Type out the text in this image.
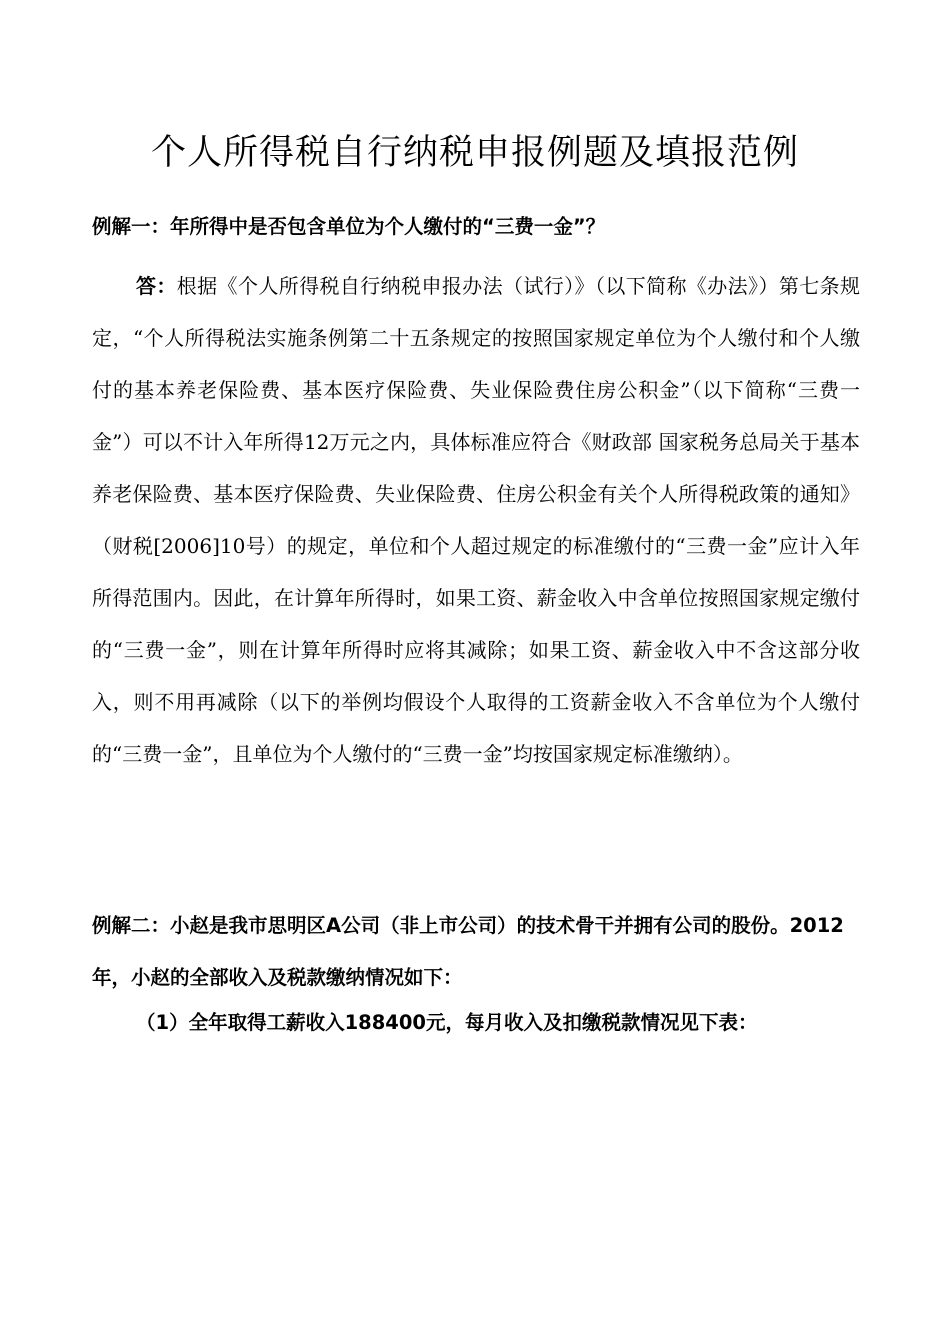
个人所得税自行纳税申报例题及填报范例
例解一：年所得中是否包含单位为个人缴付的“三费一金”？

答：根据《个人所得税自行纳税申报办法（试行）》（以下简称《办法》）第七条规定，“个人所得税法实施条例第二十五条规定的按照国家规定单位为个人缴付和个人缴付的基本养老保险费、基本医疗保险费、失业保险费住房公积金”（以下简称“三费一金”）可以不计入年所得12万元之内，具体标准应符合《财政部 国家税务总局关于基本养老保险费、基本医疗保险费、失业保险费、住房公积金有关个人所得税政策的通知》（财税[2006]10号）的规定，单位和个人超过规定的标准缴付的“三费一金”应计入年所得范围内。因此，在计算年所得时，如果工资、薪金收入中含单位按照国家规定缴付的“三费一金”，则在计算年所得时应将其减除；如果工资、薪金收入中不含这部分收入，则不用再减除（以下的举例均假设个人取得的工资薪金收入不含单位为个人缴付的“三费一金”，且单位为个人缴付的“三费一金”均按国家规定标准缴纳）。

例解二：小赵是我市思明区A公司（非上市公司）的技术骨干并拥有公司的股份。2012年，小赵的全部收入及税款缴纳情况如下：
（1）全年取得工薪收入188400元，每月收入及扣缴税款情况见下表：
